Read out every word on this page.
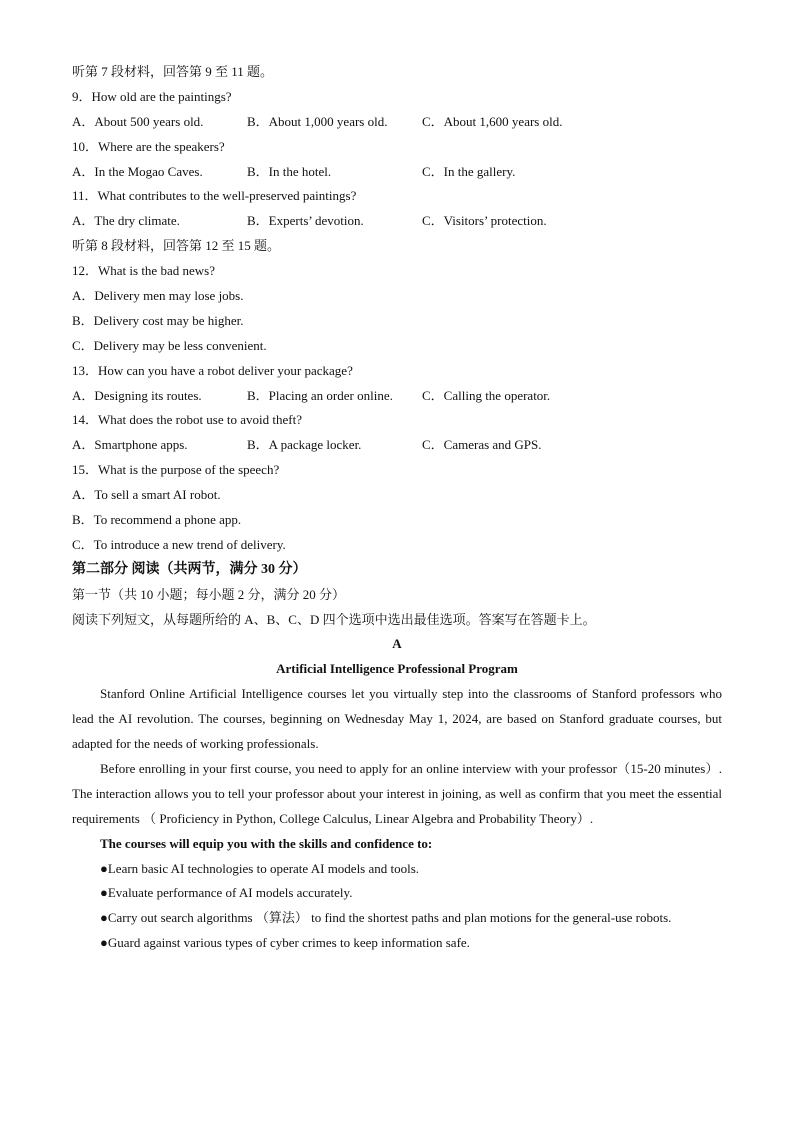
听第 7 段材料，回答第 9 至 11 题。
9．How old are the paintings?
A．About 500 years old.	B．About 1,000 years old.	C．About 1,600 years old.
10．Where are the speakers?
A．In the Mogao Caves.	B．In the hotel.	C．In the gallery.
11．What contributes to the well-preserved paintings?
A．The dry climate.	B．Experts’ devotion.	C．Visitors’ protection.
听第 8 段材料，回答第 12 至 15 题。
12．What is the bad news?
A．Delivery men may lose jobs.
B．Delivery cost may be higher.
C．Delivery may be less convenient.
13．How can you have a robot deliver your package?
A．Designing its routes.	B．Placing an order online.	C．Calling the operator.
14．What does the robot use to avoid theft?
A．Smartphone apps.	B．A package locker.	C．Cameras and GPS.
15．What is the purpose of the speech?
A．To sell a smart AI robot.
B．To recommend a phone app.
C．To introduce a new trend of delivery.
第二部分 阅读（共两节，满分 30 分）
第一节（共 10 小题；每小题 2 分，满分 20 分）
阅读下列短文，从每题所给的 A、B、C、D 四个选项中选出最佳选项。答案写在答题卡上。
A
Artificial Intelligence Professional Program
Stanford Online Artificial Intelligence courses let you virtually step into the classrooms of Stanford professors who lead the AI revolution. The courses, beginning on Wednesday May 1, 2024, are based on Stanford graduate courses, but adapted for the needs of working professionals.
Before enrolling in your first course, you need to apply for an online interview with your professor（15-20 minutes）. The interaction allows you to tell your professor about your interest in joining, as well as confirm that you meet the essential requirements （ Proficiency in Python, College Calculus, Linear Algebra and Probability Theory）.
The courses will equip you with the skills and confidence to:
●Learn basic AI technologies to operate AI models and tools.
●Evaluate performance of AI models accurately.
●Carry out search algorithms （算法） to find the shortest paths and plan motions for the general-use robots.
●Guard against various types of cyber crimes to keep information safe.
